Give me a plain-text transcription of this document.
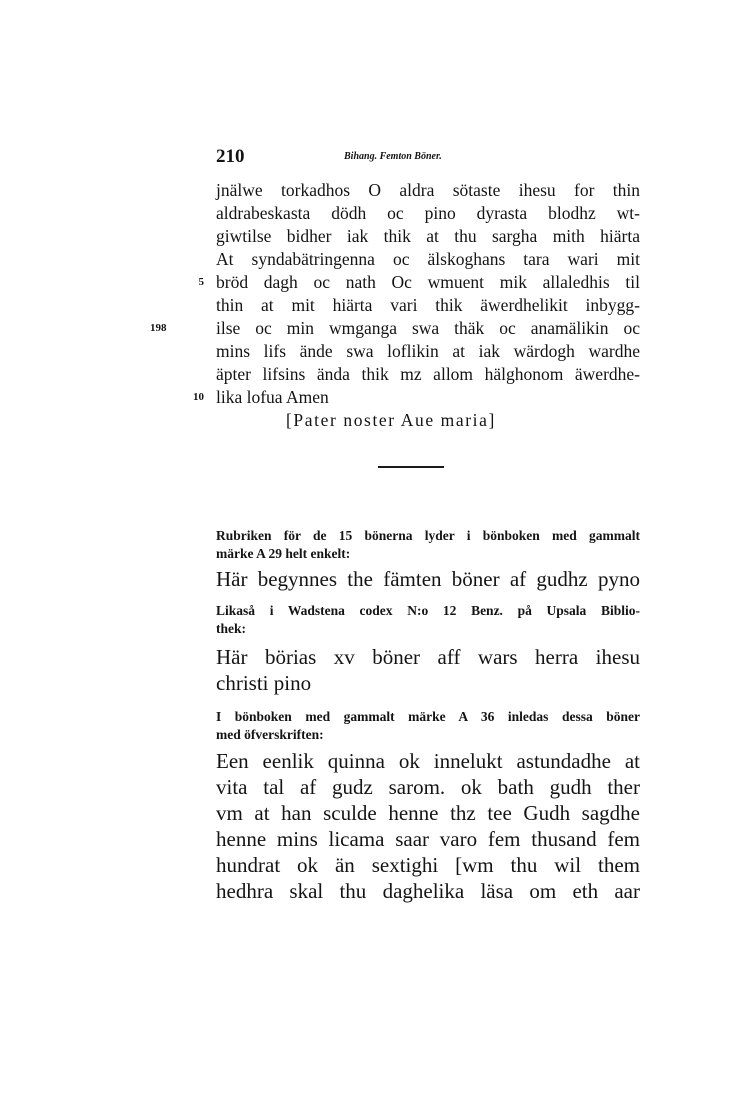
210	Bihang. Femton Böner.
jnälwe torkadhos O aldra sötaste ihesu for thin
aldrabeskasta dödh oc pino dyrasta blodhz wt-
giwtilse bidher iak thik at thu sargha mith hiärta
At syndabätringenna oc älskoghans tara wari mit
5 bröd dagh oc nath Oc wmuent mik allaledhis til
thin at mit hiärta vari thik äwerdhelikit inbygg-
198	ilse oc min wmganga swa thäk oc anamälikin oc
mins lifs ände swa loflikin at iak wärdogh wardhe
äpter lifsins ända thik mz allom hälghonom äwerdhe-
10 lika lofua Amen
[Pater noster Aue maria]
Rubriken för de 15 bönerna lyder i bönboken med gammalt
märke A 29 helt enkelt:
Här begynnes the fämten böner af gudhz pyno
Likaså i Wadstena codex N:o 12 Benz. på Upsala Biblio-
thek:
Här börias xv böner aff wars herra ihesu
christi pino
I bönboken med gammalt märke A 36 inledas dessa böner
med öfverskriften:
Een eenlik quinna ok innelukt astundadhe at
vita tal af gudz sarom. ok bath gudh ther
vm at han sculde henne thz tee Gudh sagdhe
henne mins licama saar varo fem thusand fem
hundrat ok än sextighi [wm thu wil them
hedhra skal thu daghelika läsa om eth aar
